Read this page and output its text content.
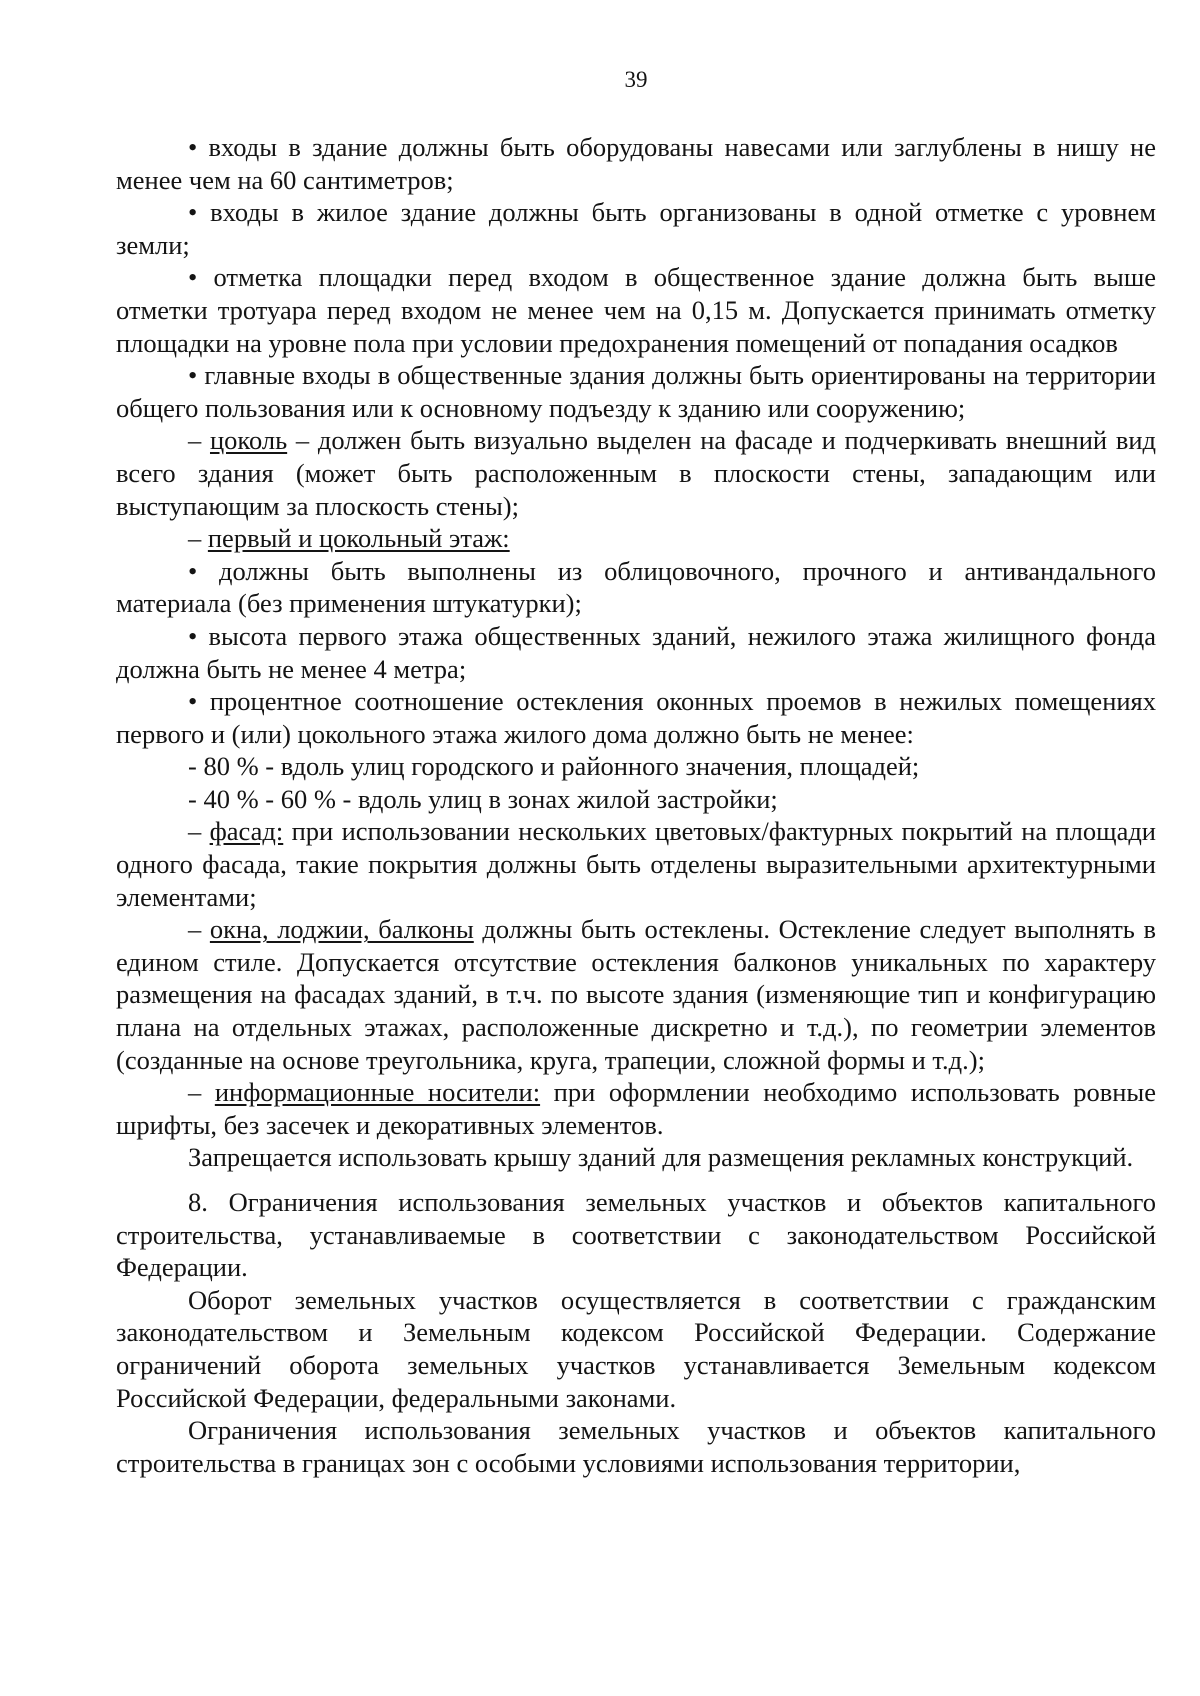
39

• входы в здание должны быть оборудованы навесами или заглублены в нишу не менее чем на 60 сантиметров;

• входы в жилое здание должны быть организованы в одной отметке с уровнем земли;

• отметка площадки перед входом в общественное здание должна быть выше отметки тротуара перед входом не менее чем на 0,15 м. Допускается принимать отметку площадки на уровне пола при условии предохранения помещений от попадания осадков

• главные входы в общественные здания должны быть ориентированы на территории общего пользования или к основному подъезду к зданию или сооружению;

– цоколь – должен быть визуально выделен на фасаде и подчеркивать внешний вид всего здания (может быть расположенным в плоскости стены, западающим или выступающим за плоскость стены);

– первый и цокольный этаж:

• должны быть выполнены из облицовочного, прочного и антивандального материала (без применения штукатурки);

• высота первого этажа общественных зданий, нежилого этажа жилищного фонда должна быть не менее 4 метра;

• процентное соотношение остекления оконных проемов в нежилых помещениях первого и (или) цокольного этажа жилого дома должно быть не менее:

- 80 % - вдоль улиц городского и районного значения, площадей;

- 40 % - 60 % - вдоль улиц в зонах жилой застройки;

– фасад: при использовании нескольких цветовых/фактурных покрытий на площади одного фасада, такие покрытия должны быть отделены выразительными архитектурными элементами;

– окна, лоджии, балконы должны быть остеклены. Остекление следует выполнять в едином стиле. Допускается отсутствие остекления балконов уникальных по характеру размещения на фасадах зданий, в т.ч. по высоте здания (изменяющие тип и конфигурацию плана на отдельных этажах, расположенные дискретно и т.д.), по геометрии элементов (созданные на основе треугольника, круга, трапеции, сложной формы и т.д.);

– информационные носители: при оформлении необходимо использовать ровные шрифты, без засечек и декоративных элементов.

Запрещается использовать крышу зданий для размещения рекламных конструкций.

8. Ограничения использования земельных участков и объектов капитального строительства, устанавливаемые в соответствии с законодательством Российской Федерации.

Оборот земельных участков осуществляется в соответствии с гражданским законодательством и Земельным кодексом Российской Федерации. Содержание ограничений оборота земельных участков устанавливается Земельным кодексом Российской Федерации, федеральными законами.

Ограничения использования земельных участков и объектов капитального строительства в границах зон с особыми условиями использования территории,
